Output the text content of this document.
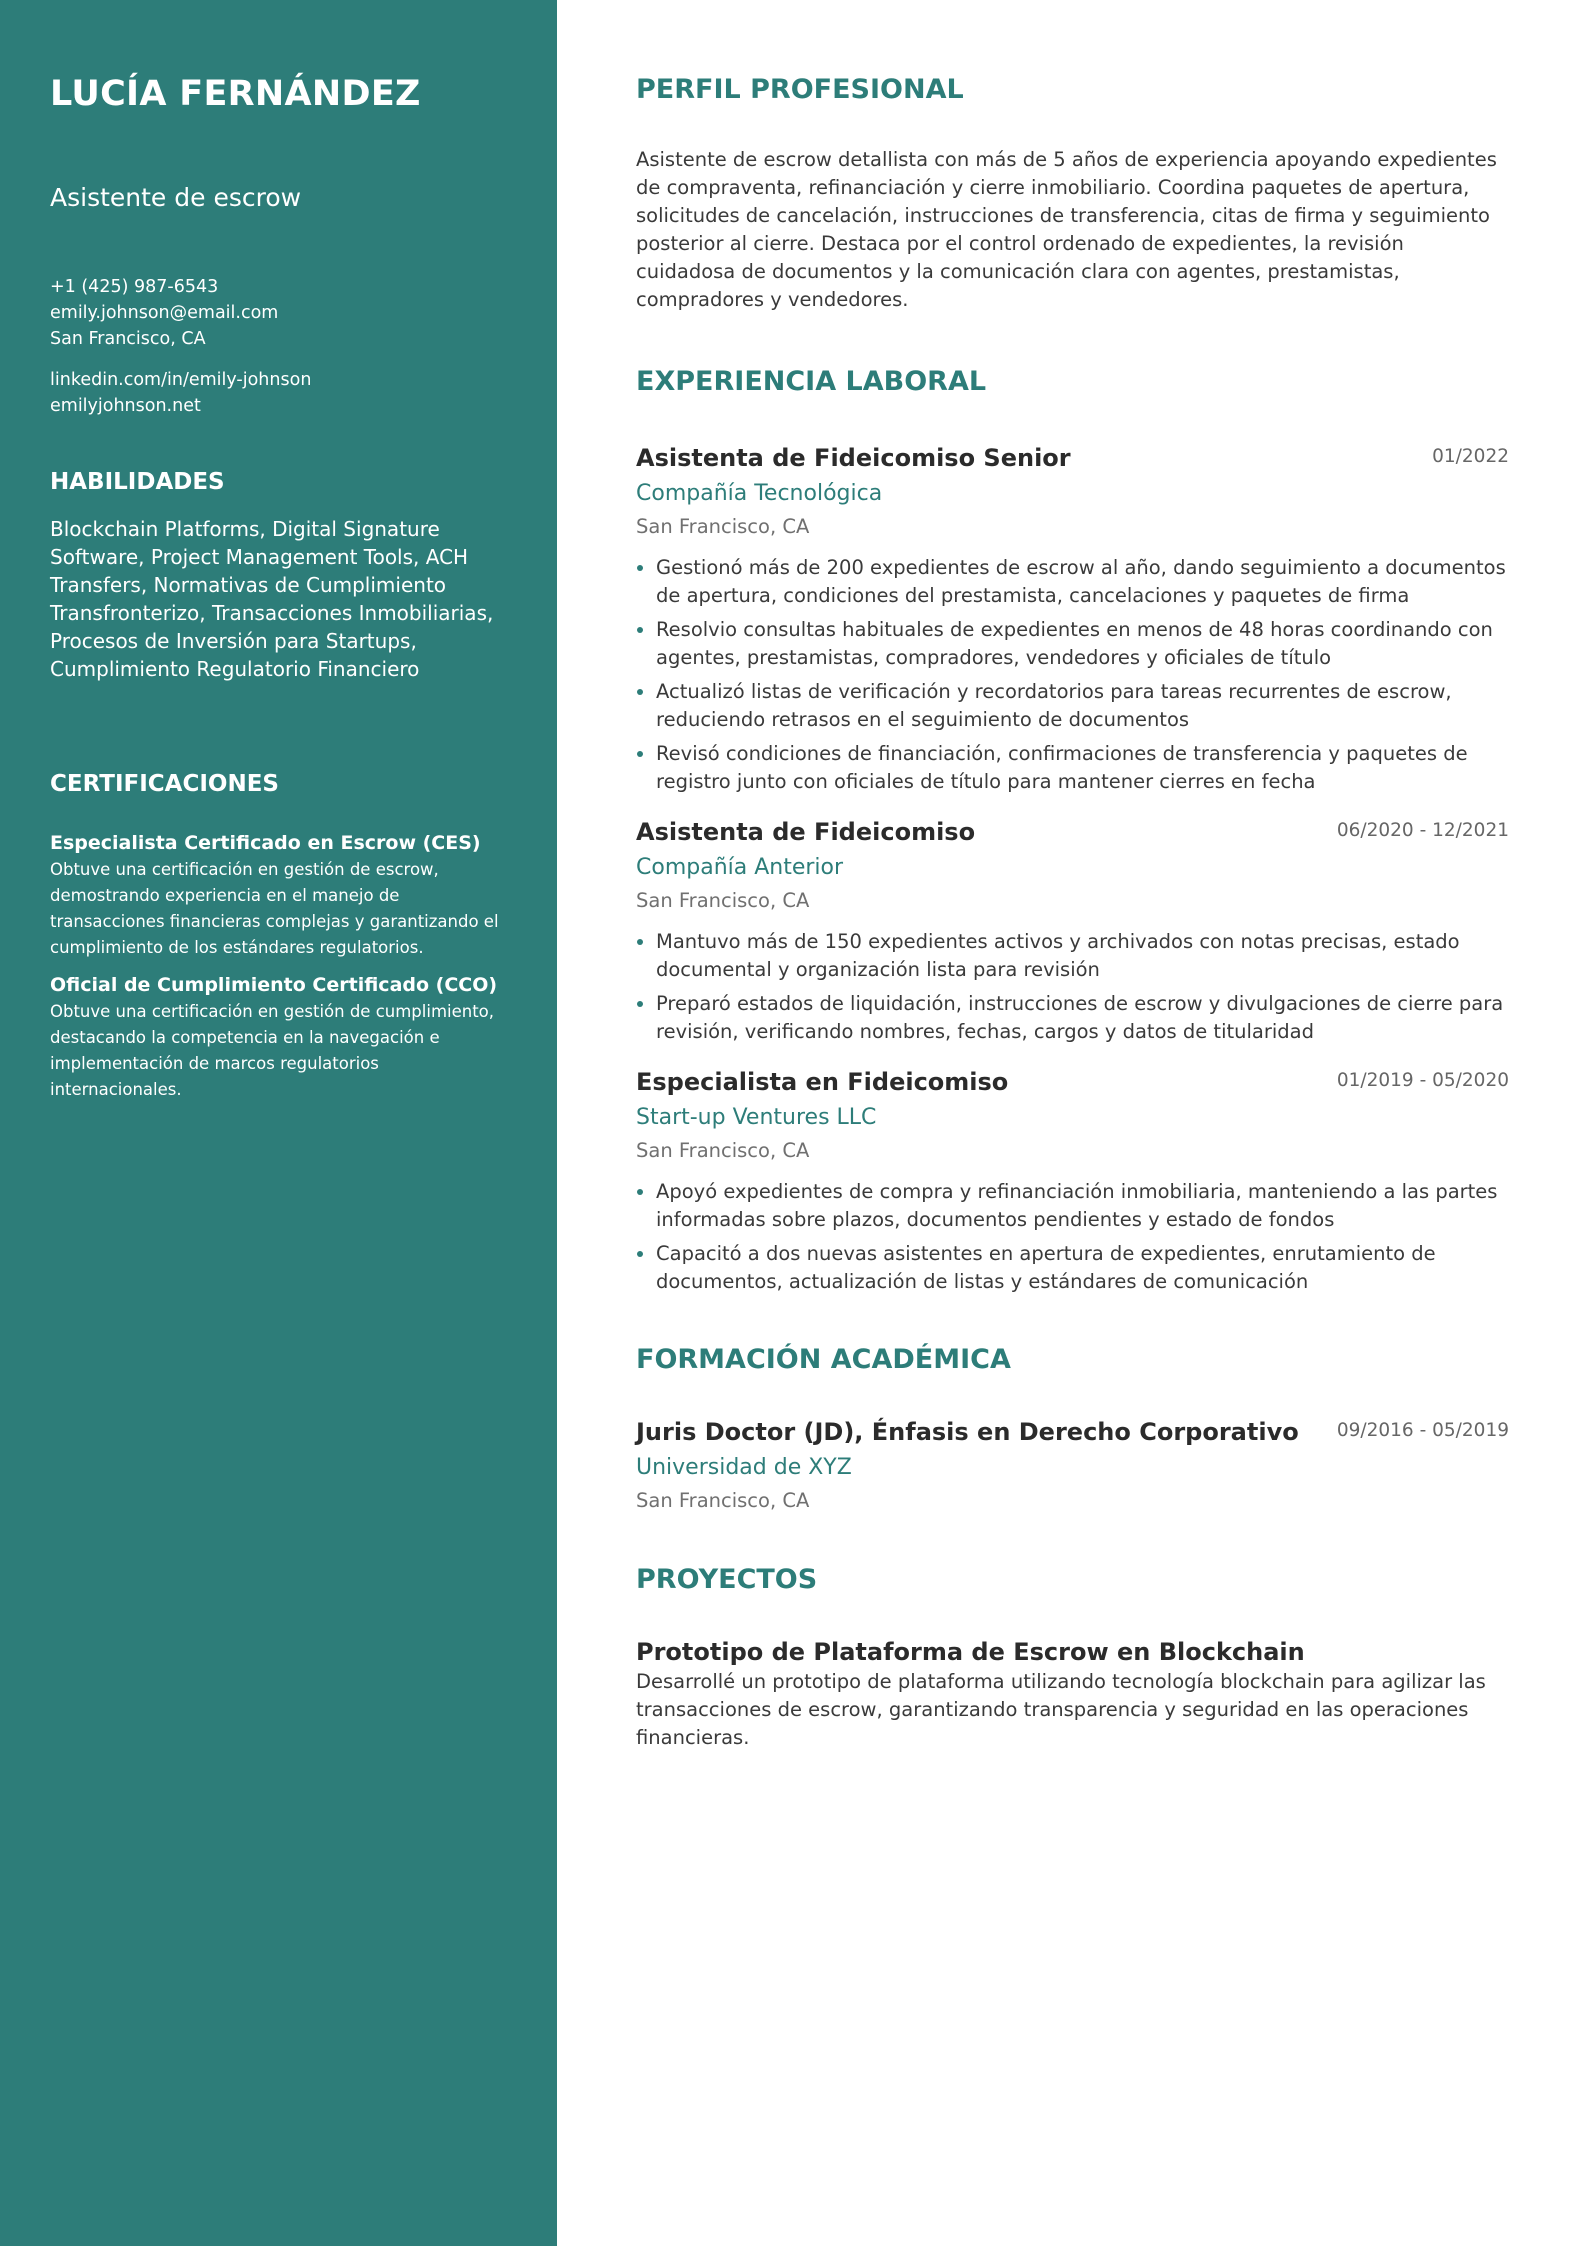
LUCÍA FERNÁNDEZ
Asistente de escrow
+1 (425) 987-6543
emily.johnson@email.com
San Francisco, CA
linkedin.com/in/emily-johnson
emilyjohnson.net
HABILIDADES
Blockchain Platforms, Digital Signature Software, Project Management Tools, ACH Transfers, Normativas de Cumplimiento Transfronterizo, Transacciones Inmobiliarias, Procesos de Inversión para Startups, Cumplimiento Regulatorio Financiero
CERTIFICACIONES
Especialista Certificado en Escrow (CES)
Obtuve una certificación en gestión de escrow, demostrando experiencia en el manejo de transacciones financieras complejas y garantizando el cumplimiento de los estándares regulatorios.
Oficial de Cumplimiento Certificado (CCO)
Obtuve una certificación en gestión de cumplimiento, destacando la competencia en la navegación e implementación de marcos regulatorios internacionales.
PERFIL PROFESIONAL
Asistente de escrow detallista con más de 5 años de experiencia apoyando expedientes de compraventa, refinanciación y cierre inmobiliario. Coordina paquetes de apertura, solicitudes de cancelación, instrucciones de transferencia, citas de firma y seguimiento posterior al cierre. Destaca por el control ordenado de expedientes, la revisión cuidadosa de documentos y la comunicación clara con agentes, prestamistas, compradores y vendedores.
EXPERIENCIA LABORAL
Asistenta de Fideicomiso Senior	01/2022
Compañía Tecnológica
San Francisco, CA
Gestionó más de 200 expedientes de escrow al año, dando seguimiento a documentos de apertura, condiciones del prestamista, cancelaciones y paquetes de firma
Resolvio consultas habituales de expedientes en menos de 48 horas coordinando con agentes, prestamistas, compradores, vendedores y oficiales de título
Actualizó listas de verificación y recordatorios para tareas recurrentes de escrow, reduciendo retrasos en el seguimiento de documentos
Revisó condiciones de financiación, confirmaciones de transferencia y paquetes de registro junto con oficiales de título para mantener cierres en fecha
Asistenta de Fideicomiso	06/2020 - 12/2021
Compañía Anterior
San Francisco, CA
Mantuvo más de 150 expedientes activos y archivados con notas precisas, estado documental y organización lista para revisión
Preparó estados de liquidación, instrucciones de escrow y divulgaciones de cierre para revisión, verificando nombres, fechas, cargos y datos de titularidad
Especialista en Fideicomiso	01/2019 - 05/2020
Start-up Ventures LLC
San Francisco, CA
Apoyó expedientes de compra y refinanciación inmobiliaria, manteniendo a las partes informadas sobre plazos, documentos pendientes y estado de fondos
Capacitó a dos nuevas asistentes en apertura de expedientes, enrutamiento de documentos, actualización de listas y estándares de comunicación
FORMACIÓN ACADÉMICA
Juris Doctor (JD), Énfasis en Derecho Corporativo	09/2016 - 05/2019
Universidad de XYZ
San Francisco, CA
PROYECTOS
Prototipo de Plataforma de Escrow en Blockchain
Desarrollé un prototipo de plataforma utilizando tecnología blockchain para agilizar las transacciones de escrow, garantizando transparencia y seguridad en las operaciones financieras.
